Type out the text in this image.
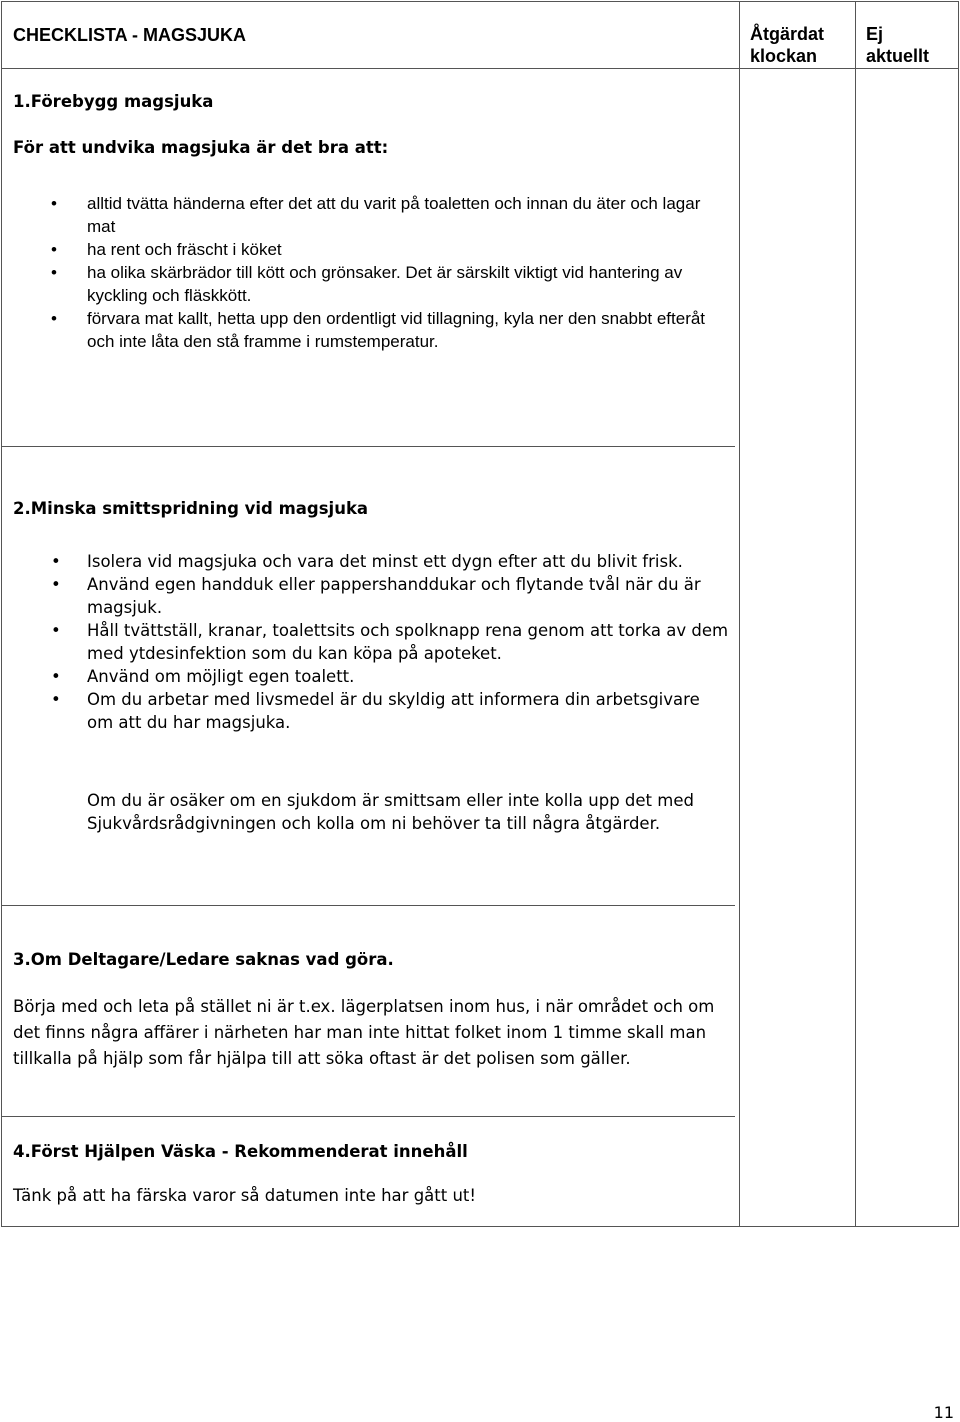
CHECKLISTA - MAGSJUKA	Åtgärdat
klockan
Ej
aktuellt
1.Förebygg magsjuka
För att undvika magsjuka är det bra att:
• alltid tvätta händerna efter det att du varit på toaletten och innan du äter och lagar mat
• ha rent och fräscht i köket
• ha olika skärbrädor till kött och grönsaker. Det är särskilt viktigt vid hantering av kyckling och fläskkött.
• förvara mat kallt, hetta upp den ordentligt vid tillagning, kyla ner den snabbt efteråt och inte låta den stå framme i rumstemperatur.
2.Minska smittspridning vid magsjuka
• Isolera vid magsjuka och vara det minst ett dygn efter att du blivit frisk.
• Använd egen handduk eller pappershanddukar och flytande tvål när du är magsjuk.
• Håll tvättställ, kranar, toalettsits och spolknapp rena genom att torka av dem med ytdesinfektion som du kan köpa på apoteket.
• Använd om möjligt egen toalett.
• Om du arbetar med livsmedel är du skyldig att informera din arbetsgivare om att du har magsjuka.
Om du är osäker om en sjukdom är smittsam eller inte kolla upp det med Sjukvårdsrådgivningen och kolla om ni behöver ta till några åtgärder.
3.Om Deltagare/Ledare saknas vad göra.
Börja med och leta på stället ni är t.ex. lägerplatsen inom hus, i när området och om det finns några affärer i närheten har man inte hittat folket inom 1 timme skall man tillkalla på hjälp som får hjälpa till att söka oftast är det polisen som gäller.
4.Först Hjälpen Väska - Rekommenderat innehåll
Tänk på att ha färska varor så datumen inte har gått ut!
11
